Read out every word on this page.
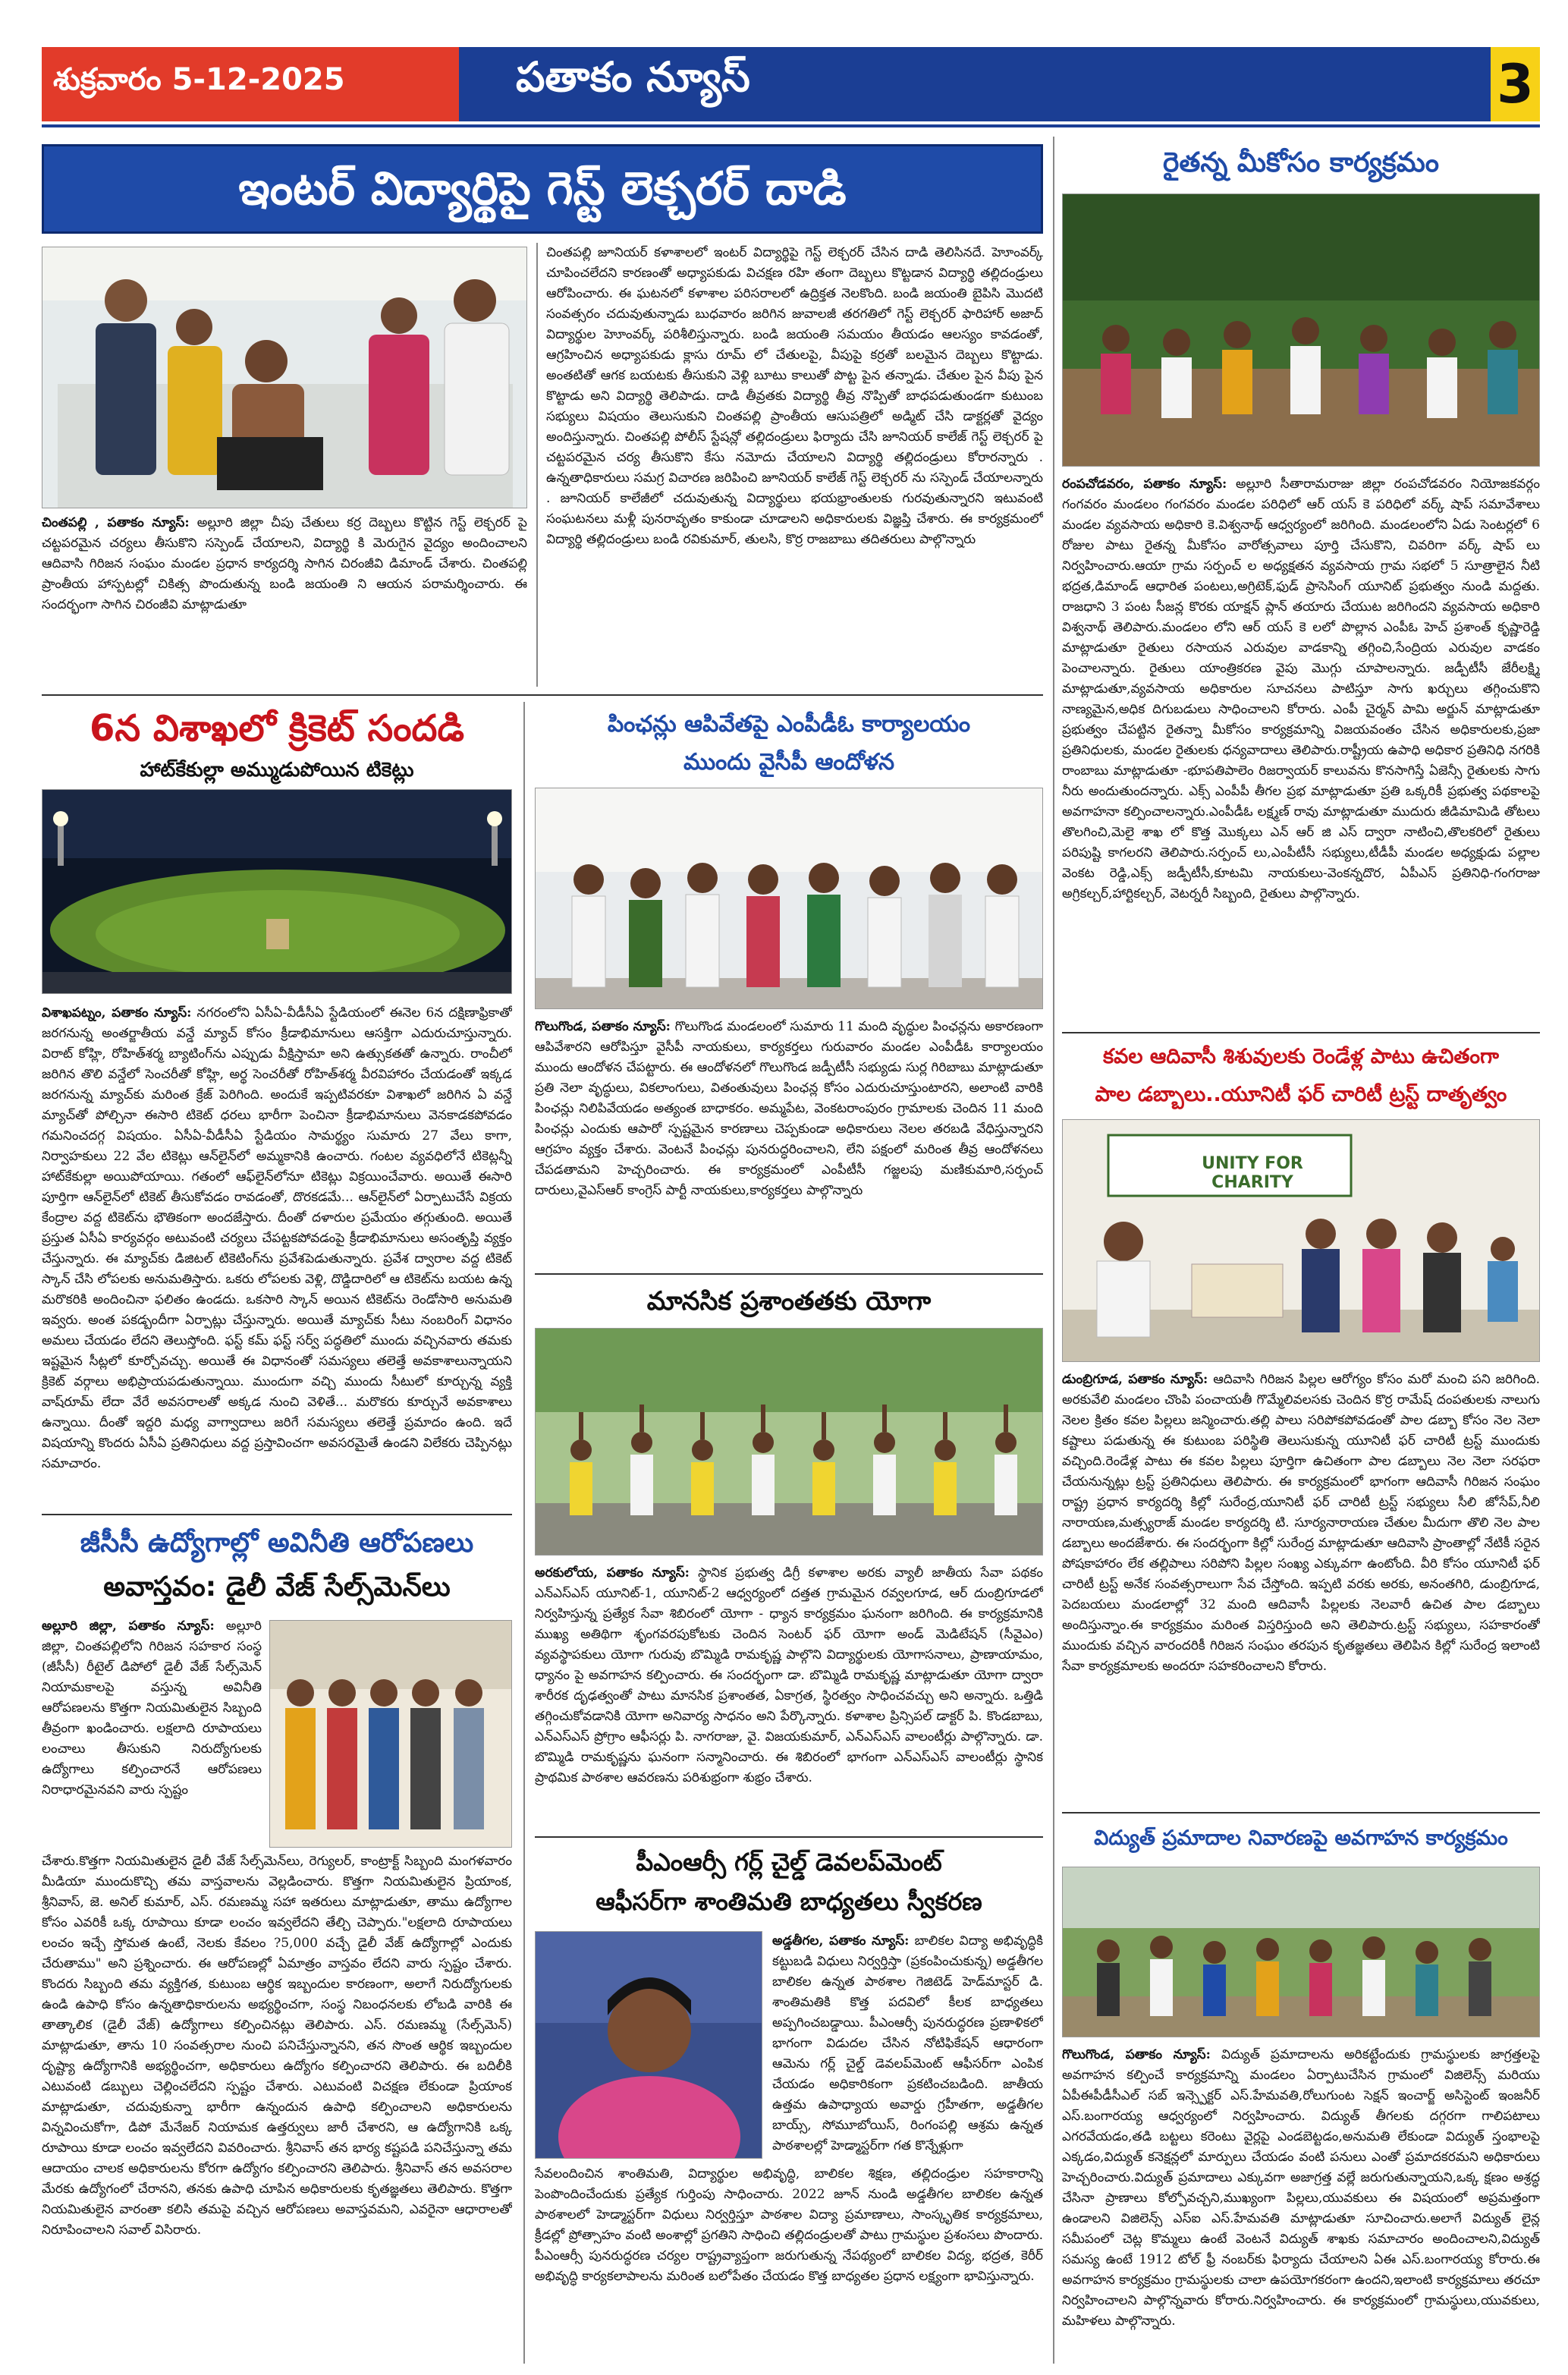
శుక్రవారం 5-12-2025	పతాకం న్యూస్	3
ఇంటర్ విద్యార్థిపై గెస్ట్ లెక్చరర్ దాడి
చింతపల్లి , పతాకం న్యూస్: అల్లూరి జిల్లా చీపు చేతులు కర్ర దెబ్బలు కొట్టిన గెస్ట్ లెక్చరర్ పై చట్టపరమైన చర్యలు తీసుకొని సస్పెండ్ చేయాలని, విద్యార్థి కి మెరుగైన వైద్యం అందించాలని ఆదివాసి గిరిజన సంఘం మండల ప్రధాన కార్యదర్శి సాగిన చిరంజీవి డిమాండ్ చేశారు. చింతపల్లి ప్రాంతీయ హాస్పటల్లో చికిత్స పొందుతున్న బండి జయంతి ని ఆయన పరామర్శించారు. ఈ సందర్భంగా సాగిన చిరంజీవి మాట్లాడుతూ
చింతపల్లి జూనియర్ కళాశాలలో ఇంటర్ విద్యార్థిపై గెస్ట్ లెక్చరర్ చేసిన దాడి తెలిసినదే. హెూంవర్క్ చూపించలేదని కారణంతో అధ్యాపకుడు విచక్షణ రహి తంగా దెబ్బలు కొట్టడాన విద్యార్థి తల్లిదండ్రులు ఆరోపించారు. ఈ ఘటనలో కళాశాల పరిసరాలలో ఉద్రిక్తత నెలకొంది. బండి జయంతి బైపిసి మొదటి సంవత్సరం చదువుతున్నాడు బుధవారం జరిగిన జువాలజీ తరగతిలో గెస్ట్ లెక్చరర్ ఫారిహార్ అజాద్ విద్యార్థుల హెూంవర్క్ పరిశీలిస్తున్నారు. బండి జయంతి సమయం తీయడం ఆలస్యం కావడంతో, ఆగ్రహించిన అధ్యాపకుడు క్లాసు రూమ్ లో చేతులపై, వీపుపై కర్రతో బలమైన దెబ్బలు కొట్టాడు. అంతటితో ఆగక బయటకు తీసుకుని వెళ్లి బూటు కాలుతో పొట్ట పైన తన్నాడు. చేతుల పైన వీపు పైన కొట్టాడు అని విద్యార్థి తెలిపాడు. దాడి తీవ్రతకు విద్యార్థి తీవ్ర నొప్పితో బాధపడుతుండగా కుటుంబ సభ్యులు విషయం తెలుసుకుని చింతపల్లి ప్రాంతీయ ఆసుపత్రిలో అడ్మిట్ చేసి డాక్టర్లతో వైద్యం అందిస్తున్నారు. చింతపల్లి పోలీస్ స్టేషన్లో తల్లిదండ్రులు ఫిర్యాదు చేసి జూనియర్ కాలేజ్ గెస్ట్ లెక్చరర్ పై చట్టపరమైన చర్య తీసుకొని కేసు నమోదు చేయాలని విద్యార్థి తల్లిదండ్రులు కోరారన్నారు . ఉన్నతాధికారులు సమగ్ర విచారణ జరిపించి జూనియర్ కాలేజ్ గెస్ట్ లెక్చరర్ ను సస్పెండ్ చేయాలన్నారు . జూనియర్ కాలేజీలో చదువుతున్న విద్యార్థులు భయభ్రాంతులకు గురవుతున్నారని ఇటువంటి సంఘటనలు మళ్లీ పునరావృతం కాకుండా చూడాలని అధికారులకు విజ్ఞప్తి చేశారు. ఈ కార్యక్రమంలో విద్యార్థి తల్లిదండ్రులు బండి రవికుమార్, తులసి, కొర్ర రాజబాబు తదితరులు పాల్గొన్నారు
6న విశాఖలో క్రికెట్ సందడి
హాట్‌కేకుల్లా అమ్ముడుపోయిన టికెట్లు
విశాఖపట్నం, పతాకం న్యూస్: నగరంలోని ఏసీఏ-వీడీసీఏ స్టేడియంలో ఈనెల 6న దక్షిణాఫ్రికాతో జరగనున్న అంతర్జాతీయ వన్డే మ్యాచ్ కోసం క్రీడాభిమానులు ఆసక్తిగా ఎదురుచూస్తున్నారు. విరాట్ కోహ్లి, రోహిత్‌శర్మ బ్యాటింగ్‌ను ఎప్పుడు వీక్షిస్తామా అని ఉత్సుకతతో ఉన్నారు. రాంచీలో జరిగిన తొలి వన్డేలో సెంచరీతో కోహ్లి, అర్థ సెంచరీతో రోహిత్‌శర్మ వీరవిహారం చేయడంతో ఇక్కడ జరగనున్న మ్యాచ్‌కు మరింత క్రేజ్ పెరిగింది. అందుకే ఇప్పటివరకూ విశాఖలో జరిగిన ఏ వన్డే మ్యాచ్‌తో పోల్చినా ఈసారి టికెట్ ధరలు భారీగా పెంచినా క్రీడాభిమానులు వెనకాడకపోవడం గమనించదగ్గ విషయం. ఏసీఏ-వీడీసీఏ స్టేడియం సామర్థ్యం సుమారు 27 వేలు కాగా, నిర్వాహకులు 22 వేల టికెట్లు ఆన్‌లైన్‌లో అమ్మకానికి ఉంచారు. గంటల వ్యవధిలోనే టికెట్లన్నీ హాట్‌కేకుల్లా అయిపోయాయి. గతంలో ఆఫ్‌లైన్‌లోనూ టికెట్లు విక్రయించేవారు. అయితే ఈసారి పూర్తిగా ఆన్‌లైన్‌లో టికెట్ తీసుకోవడం రావడంతో, దొరకడమే... ఆన్‌లైన్‌లో ఏర్పాటుచేసే విక్రయ కేంద్రాల వద్ద టికెట్‌ను భౌతికంగా అందజేస్తారు. దీంతో దళారుల ప్రమేయం తగ్గుతుంది. అయితే ప్రస్తుత ఏసీఏ కార్యవర్గం అటువంటి చర్యలు చేపట్టకపోవడంపై క్రీడాభిమానులు అసంతృప్తి వ్యక్తం చేస్తున్నారు. ఈ మ్యాచ్‌కు డిజిటల్ టికెటింగ్‌ను ప్రవేశపెడుతున్నారు. ప్రవేశ ద్వారాల వద్ద టికెట్ స్కాన్ చేసి లోపలకు అనుమతిస్తారు. ఒకరు లోపలకు వెళ్లి, దొడ్డిదారిలో ఆ టికెట్‌ను బయట ఉన్న మరొకరికి అందించినా ఫలితం ఉండదు. ఒకసారి స్కాన్ అయిన టికెట్‌ను రెండోసారి అనుమతి ఇవ్వరు. అంత పకడ్బందీగా ఏర్పాట్లు చేస్తున్నారు. అయితే మ్యాచ్‌కు సీటు నంబరింగ్ విధానం అమలు చేయడం లేదని తెలుస్తోంది. ఫస్ట్ కమ్ ఫస్ట్ సర్వ్ పద్ధతిలో ముందు వచ్చినవారు తమకు ఇష్టమైన సీట్లలో కూర్చోవచ్చు. అయితే ఈ విధానంతో సమస్యలు తలెత్తే అవకాశాలున్నాయని క్రికెట్ వర్గాలు అభిప్రాయపడుతున్నాయి. ముందుగా వచ్చి ముందు సీటులో కూర్చున్న వ్యక్తి వాష్‌రూమ్ లేదా వేరే అవసరాలతో అక్కడ నుంచి వెళితే... మరొకరు కూర్చునే అవకాశాలు ఉన్నాయి. దీంతో ఇద్దరి మధ్య వాగ్వాదాలు జరిగే సమస్యలు తలెత్తే ప్రమాదం ఉంది. ఇదే విషయాన్ని కొందరు ఏసీఏ ప్రతినిధులు వద్ద ప్రస్తావించగా అవసరమైతే ఉండని విలేకరు చెప్పినట్లు సమాచారం.
జీసీసీ ఉద్యోగాల్లో అవినీతి ఆరోపణలు
అవాస్తవం: డైలీ వేజ్ సేల్స్‌మెన్‌లు
అల్లూరి జిల్లా, పతాకం న్యూస్: అల్లూరి జిల్లా, చింతపల్లిలోని గిరిజన సహకార సంస్థ (జీసీసీ) రీటైల్ డిపోలో డైలీ వేజ్ సేల్స్‌మెన్ నియామకాలపై వస్తున్న అవినీతి ఆరోపణలను కొత్తగా నియమితులైన సిబ్బంది తీవ్రంగా ఖండించారు. లక్షలాది రూపాయలు లంచాలు తీసుకుని నిరుద్యోగులకు ఉద్యోగాలు కల్పించారనే ఆరోపణలు నిరాధారమైనవని వారు స్పష్టం
చేశారు.కొత్తగా నియమితులైన డైలీ వేజ్ సేల్స్‌మెన్‌లు, రెగ్యులర్, కాంట్రాక్ట్ సిబ్బంది మంగళవారం మీడియా ముందుకొచ్చి తమ వాస్తవాలను వెల్లడించారు. కొత్తగా నియమితులైన ప్రియాంక, శ్రీనివాస్, జె. అనిల్ కుమార్, ఎస్. రమణమ్మ సహా ఇతరులు మాట్లాడుతూ, తాము ఉద్యోగాల కోసం ఎవరికీ ఒక్క రూపాయి కూడా లంచం ఇవ్వలేదని తేల్చి చెప్పారు."లక్షలాది రూపాయలు లంచం ఇచ్చే స్తోమత ఉంటే, నెలకు కేవలం ?5,000 వచ్చే డైలీ వేజ్ ఉద్యోగాల్లో ఎందుకు చేరుతాము" అని ప్రశ్నించారు. ఈ ఆరోపణల్లో ఏమాత్రం వాస్తవం లేదని వారు స్పష్టం చేశారు. కొందరు సిబ్బంది తమ వ్యక్తిగత, కుటుంబ ఆర్థిక ఇబ్బందుల కారణంగా, అలాగే నిరుద్యోగులకు ఉండి ఉపాధి కోసం ఉన్నతాధికారులను అభ్యర్థించగా, సంస్థ నిబంధనలకు లోబడి వారికి ఈ తాత్కాలిక (డైలీ వేజ్) ఉద్యోగాలు కల్పించినట్లు తెలిపారు. ఎస్. రమణమ్మ (సేల్స్‌మెన్) మాట్లాడుతూ, తాను 10 సంవత్సరాల నుంచి పనిచేస్తున్నానని, తన సొంత ఆర్థిక ఇబ్బందుల దృష్ట్యా ఉద్యోగానికి అభ్యర్థించగా, అధికారులు ఉద్యోగం కల్పించారని తెలిపారు. ఈ బదిలీకి ఎటువంటి డబ్బులు చెల్లించలేదని స్పష్టం చేశారు. ఎటువంటి విచక్షణ లేకుండా ప్రియాంక మాట్లాడుతూ, చదువుకున్నా భారీగా ఉన్నందున ఉపాధి కల్పించాలని అధికారులను విన్నవించుకోగా, డిపో మేనేజర్ నియామక ఉత్తర్వులు జారీ చేశారని, ఆ ఉద్యోగానికి ఒక్క రూపాయి కూడా లంచం ఇవ్వలేదని వివరించారు. శ్రీనివాస్ తన భార్య కష్టపడి పనిచేస్తున్నా తమ ఆదాయం చాలక అధికారులను కోరగా ఉద్యోగం కల్పించారని తెలిపారు. శ్రీనివాస్ తన అవసరాల మేరకు ఉద్యోగంలో చేరానని, తనకు ఉపాధి చూపిన అధికారులకు కృతజ్ఞతలు తెలిపారు. కొత్తగా నియమితులైన వారంతా కలిసి తమపై వచ్చిన ఆరోపణలు అవాస్తవమని, ఎవరైనా ఆధారాలతో నిరూపించాలని సవాల్ విసిరారు.
పింఛన్లు ఆపివేతపై ఎంపీడీఓ కార్యాలయం
ముందు వైసీపీ ఆందోళన
గొలుగొండ, పతాకం న్యూస్: గొలుగొండ మండలంలో సుమారు 11 మంది వృద్ధుల పింఛన్లను అకారణంగా ఆపివేశారని ఆరోపిస్తూ వైసీపీ నాయకులు, కార్యకర్తలు గురువారం మండల ఎంపీడీఓ కార్యాలయం ముందు ఆందోళన చేపట్టారు. ఈ ఆందోళనలో గొలుగొండ జడ్పీటీసీ సభ్యుడు సుర్ల గిరిబాబు మాట్లాడుతూ ప్రతి నెలా వృద్ధులు, వికలాంగులు, వితంతువులు పింఛన్ల కోసం ఎదురుచూస్తుంటారని, అలాంటి వారికి పింఛన్లు నిలిపివేయడం అత్యంత బాధాకరం. అమ్మపేట, వెంకటరాంపురం గ్రామాలకు చెందిన 11 మంది పింఛన్లు ఎందుకు ఆపారో స్పష్టమైన కారణాలు చెప్పకుండా అధికారులు నెలల తరబడి వేధిస్తున్నారని ఆగ్రహం వ్యక్తం చేశారు. వెంటనే పింఛన్లు పునరుద్ధరించాలని, లేని పక్షంలో మరింత తీవ్ర ఆందోళనలు చేపడతామని హెచ్చరించారు. ఈ కార్యక్రమంలో ఎంపీటీసీ గజ్జలపు మణికుమారి,సర్పంచ్ దారులు,వైఎస్ఆర్ కాంగ్రెస్ పార్టీ నాయకులు,కార్యకర్తలు పాల్గొన్నారు
మానసిక ప్రశాంతతకు యోగా
అరకులోయ, పతాకం న్యూస్: స్థానిక ప్రభుత్వ డిగ్రీ కళాశాల అరకు వ్యాలీ జాతీయ సేవా పథకం ఎన్ఎస్ఎస్ యూనిట్-1, యూనిట్-2 ఆధ్వర్యంలో దత్తత గ్రామమైన రవ్వలగూడ, ఆర్ దుంబ్రిగూడలో నిర్వహిస్తున్న ప్రత్యేక సేవా శిబిరంలో యోగా - ధ్యాన కార్యక్రమం ఘనంగా జరిగింది. ఈ కార్యక్రమానికి ముఖ్య అతిథిగా శృంగవరపుకోటకు చెందిన సెంటర్ ఫర్ యోగా అండ్ మెడిటేషన్ (సీవైఎం) వ్యవస్థాపకులు యోగా గురువు బొమ్మిడి రామకృష్ణ పాల్గొని విద్యార్థులకు యోగాసనాలు, ప్రాణాయామం, ధ్యానం పై అవగాహన కల్పించారు. ఈ సందర్భంగా డా. బొమ్మిడి రామకృష్ణ మాట్లాడుతూ యోగా ద్వారా శారీరక దృఢత్వంతో పాటు మానసిక ప్రశాంతత, ఏకాగ్రత, స్థిరత్వం సాధించవచ్చు అని అన్నారు. ఒత్తిడి తగ్గించుకోవడానికి యోగా అనివార్య సాధనం అని పేర్కొన్నారు. కళాశాల ప్రిన్సిపల్ డాక్టర్ పి. కొండబాబు, ఎన్ఎస్ఎస్ ప్రోగ్రాం ఆఫీసర్లు పి. నాగరాజు, వై. విజయకుమార్, ఎన్ఎస్ఎస్ వాలంటీర్లు పాల్గొన్నారు. డా. బొమ్మిడి రామకృష్ణను ఘనంగా సన్మానించారు. ఈ శిబిరంలో భాగంగా ఎన్ఎస్ఎస్ వాలంటీర్లు స్థానిక ప్రాథమిక పాఠశాల ఆవరణను పరిశుభ్రంగా శుభ్రం చేశారు.
పీఎంఆర్సీ గర్ల్ చైల్డ్ డెవలప్‌మెంట్
ఆఫీసర్‌గా శాంతిమతి బాధ్యతలు స్వీకరణ
అడ్డతీగల, పతాకం న్యూస్: బాలికల విద్యా అభివృద్ధికి కట్టుబడి విధులు నిర్వర్తిస్తా (ప్రకంపించుకున్న) అడ్డతీగల బాలికల ఉన్నత పాఠశాల గెజిటెడ్ హెడ్‌మాస్టర్ డి. శాంతిమతికి కొత్త పదవిలో కీలక బాధ్యతలు అప్పగించబడ్డాయి. పీఎంఆర్సీ పునరుద్ధరణ ప్రణాళికలో భాగంగా విడుదల చేసిన నోటిఫికేషన్ ఆధారంగా ఆమెను గర్ల్ చైల్డ్ డెవలప్‌మెంట్ ఆఫీసర్‌గా ఎంపిక చేయడం అధికారికంగా ప్రకటించబడింది. జాతీయ ఉత్తమ ఉపాధ్యాయ అవార్డు గ్రహీతగా, అడ్డతీగల బాయ్స్, సోమూబోయిస్, రింగంపల్లి ఆశ్రమ ఉన్నత పాఠశాలల్లో హెడ్మాస్టర్‌గా గత కొన్నేళ్లుగా
సేవలందించిన శాంతిమతి, విద్యార్థుల అభివృద్ధి, బాలికల శిక్షణ, తల్లిదండ్రుల సహకారాన్ని పెంపొందించేందుకు ప్రత్యేక గుర్తింపు సాధించారు. 2022 జూన్ నుండి అడ్డతీగల బాలికల ఉన్నత పాఠశాలలో హెడ్మాస్టర్‌గా విధులు నిర్వర్తిస్తూ పాఠశాల విద్యా ప్రమాణాలు, సాంస్కృతిక కార్యక్రమాలు, క్రీడల్లో ప్రోత్సాహం వంటి అంశాల్లో ప్రగతిని సాధించి తల్లిదండ్రులతో పాటు గ్రామస్థుల ప్రశంసలు పొందారు. పీఎంఆర్సీ పునరుద్ధరణ చర్యల రాష్ట్రవ్యాప్తంగా జరుగుతున్న నేపథ్యంలో బాలికల విద్య, భద్రత, కెరీర్ అభివృద్ధి కార్యకలాపాలను మరింత బలోపేతం చేయడం కొత్త బాధ్యతల ప్రధాన లక్ష్యంగా భావిస్తున్నారు.
రైతన్న మీకోసం కార్యక్రమం
రంపచోడవరం, పతాకం న్యూస్: అల్లూరి సీతారామరాజు జిల్లా రంపచోడవరం నియోజకవర్గం గంగవరం మండలం గంగవరం మండల పరిధిలో ఆర్ యస్ కె పరిధిలో వర్క్ షాప్ సమావేశాలు మండల వ్యవసాయ అధికారి కె.విశ్వనాథ్ ఆధ్వర్యంలో జరిగింది. మండలంలోని ఏడు సెంటర్లలో 6 రోజుల పాటు రైతన్న మీకోసం వారోత్సవాలు పూర్తి చేసుకొని, చివరిగా వర్క్ షాప్ లు నిర్వహించారు.ఆయా గ్రామ సర్పంచ్ ల అధ్యక్షతన వ్యవసాయ గ్రామ సభలో 5 సూత్రాలైన నీటి భద్రత,డిమాండ్ ఆధారిత పంటలు,అగ్రిటెక్,ఫుడ్ ప్రాసెసింగ్ యూనిట్ ప్రభుత్వం నుండి మద్దతు. రాజధాని 3 పంట సీజన్ల కొరకు యాక్షన్ ప్లాన్ తయారు చేయుట జరిగిందని వ్యవసాయ అధికారి విశ్వనాథ్ తెలిపారు.మండలం లోని ఆర్ యస్ కె లలో పొల్లాన ఎంపీఓ హెచ్ ప్రశాంత్ కృష్ణారెడ్డి మాట్లాడుతూ రైతులు రసాయన ఎరువుల వాడకాన్ని తగ్గించి,సేంద్రియ ఎరువుల వాడకం పెంచాలన్నారు. రైతులు యాంత్రికరణ వైపు మొగ్గు చూపాలన్నారు. జడ్పీటీసీ జేరీలక్ష్మి మాట్లాడుతూ,వ్యవసాయ అధికారుల సూచనలు పాటిస్తూ సాగు ఖర్చులు తగ్గించుకొని నాణ్యమైన,అధిక దిగుబడులు సాధించాలని కోరారు. ఎంపీ చైర్మన్ పామి అర్జున్ మాట్లాడుతూ ప్రభుత్వం చేపట్టిన రైతన్నా మీకోసం కార్యక్రమాన్ని విజయవంతం చేసిన అధికారులకు,ప్రజా ప్రతినిధులకు, మండల రైతులకు ధన్యవాదాలు తెలిపారు.రాష్ట్రీయ ఉపాధి అధికార ప్రతినిధి నగరికి రాంబాబు మాట్లాడుతూ -భూపతిపాలెం రిజర్వాయర్ కాలువను కొనసాగిస్తే ఏజెన్సీ రైతులకు సాగు నీరు అందుతుందన్నారు. ఎక్స్ ఎంపీపీ తీగల ప్రభ మాట్లాడుతూ ప్రతి ఒక్కరికీ ప్రభుత్వ పథకాలపై అవగాహనా కల్పించాలన్నారు.ఎంపీడీఓ లక్ష్మణ్ రావు మాట్లాడుతూ ముదురు జీడిమామిడి తోటలు తొలగించి,మెలై శాఖ లో కొత్త మొక్కలు ఎన్ ఆర్ జి ఎస్ ద్వారా నాటించి,తొలకరిలో రైతులు పరిపుష్టి కాగలరని తెలిపారు.సర్పంచ్ లు,ఎంపీటీసీ సభ్యులు,టీడీపీ మండల అధ్యక్షుడు పల్లాల వెంకట రెడ్డి,ఎక్స్ జడ్పీటీసీ,కూటమి నాయకులు-వెంకన్నదొర, ఏపీఎస్ ప్రతినిధి-గంగరాజు అగ్రికల్చర్,హార్టికల్చర్, వెటర్నరీ సిబ్బంది, రైతులు పాల్గొన్నారు.
కవల ఆదివాసీ శిశువులకు రెండేళ్ల పాటు ఉచితంగా
పాల డబ్బాలు..యూనిటీ ఫర్ చారిటీ ట్రస్ట్ దాతృత్వం
UNITY FOR CHARITY
డుంబ్రిగూడ, పతాకం న్యూస్: ఆదివాసి గిరిజన పిల్లల ఆరోగ్యం కోసం మరో మంచి పని జరిగింది. అరకువేలి మండలం చొంపి పంచాయతీ గొమ్మేలివలసకు చెందిన కొర్ర రామేష్ దంపతులకు నాలుగు నెలల క్రితం కవల పిల్లలు జన్మించారు.తల్లి పాలు సరిపోకపోవడంతో పాల డబ్బా కోసం నెల నెలా కష్టాలు పడుతున్న ఈ కుటుంబ పరిస్థితి తెలుసుకున్న యూనిటీ ఫర్ చారిటీ ట్రస్ట్ ముందుకు వచ్చింది.రెండేళ్ల పాటు ఈ కవల పిల్లలు పూర్తిగా ఉచితంగా పాల డబ్బాలు నెల నెలా సరఫరా చేయనున్నట్లు ట్రస్ట్ ప్రతినిధులు తెలిపారు. ఈ కార్యక్రమంలో భాగంగా ఆదివాసీ గిరిజన సంఘం రాష్ట్ర ప్రధాన కార్యదర్శి కిల్లో సురేంద్ర,యూనిటీ ఫర్ చారిటీ ట్రస్ట్ సభ్యులు సీలి జోసేప్,నీలి నారాయణ,మత్స్యరాజ్ మండల కార్యదర్శి టి. సూర్యనారాయణ చేతుల మీదుగా తొలి నెల పాల డబ్బాలు అందజేశారు. ఈ సందర్భంగా కిల్లో సురేంద్ర మాట్లాడుతూ ఆదివాసి ప్రాంతాల్లో నేటికీ సరైన పోషకాహారం లేక తల్లిపాలు సరిపోని పిల్లల సంఖ్య ఎక్కువగా ఉంటోంది. వీరి కోసం యూనిటీ ఫర్ చారిటీ ట్రస్ట్ అనేక సంవత్సరాలుగా సేవ చేస్తోంది. ఇప్పటి వరకు అరకు, అనంతగిరి, డుంబ్రిగూడ, పెదబయలు మండలాల్లో 32 మంది ఆదివాసీ పిల్లలకు నెలవారీ ఉచిత పాల డబ్బాలు అందిస్తున్నాం.ఈ కార్యక్రమం మరింత విస్తరిస్తుంది అని తెలిపారు.ట్రస్ట్ సభ్యులు, సహకారంతో ముందుకు వచ్చిన వారందరికీ గిరిజన సంఘం తరపున కృతజ్ఞతలు తెలిపిన కిల్లో సురేంద్ర ఇలాంటి సేవా కార్యక్రమాలకు అందరూ సహకరించాలని కోరారు.
విద్యుత్ ప్రమాదాల నివారణపై అవగాహన కార్యక్రమం
గొలుగొండ, పతాకం న్యూస్: విద్యుత్ ప్రమాదాలను అరికట్టేందుకు గ్రామస్థులకు జాగ్రత్తలపై అవగాహన కల్పించే కార్యక్రమాన్ని మండలం ఏర్పాటుచేసిన గ్రామంలో విజిలెన్స్ మరియు ఏపీఈపీడీసీఎల్ సబ్ ఇన్స్పెక్టర్ ఎస్.హేమవతి,రోలుగుంట సెక్షన్ ఇంచార్జ్ అసిస్టెంట్ ఇంజనీర్ ఎస్.బంగారయ్య ఆధ్వర్యంలో నిర్వహించారు. విద్యుత్ తీగలకు దగ్గరగా గాలిపటాలు ఎగరవేయడం,తడి బట్టలు కరెంటు వైర్లపై ఎండబెట్టడం,అనుమతి లేకుండా విద్యుత్ స్తంభాలపై ఎక్కడం,విద్యుత్ కనెక్షన్లలో మార్పులు చేయడం వంటి పనులు ఎంతో ప్రమాదకరమని అధికారులు హెచ్చరించారు.విద్యుత్ ప్రమాదాలు ఎక్కువగా అజాగ్రత్త వల్లే జరుగుతున్నాయని,ఒక్క క్షణం అశ్రద్ధ చేసినా ప్రాణాలు కోల్పోవచ్చని,ముఖ్యంగా పిల్లలు,యువకులు ఈ విషయంలో అప్రమత్తంగా ఉండాలని విజిలెన్స్ ఎస్ఐ ఎస్.హేమవతి మాట్లాడుతూ సూచించారు.అలాగే విద్యుత్ లైన్ల సమీపంలో చెట్ల కొమ్మలు ఉంటే వెంటనే విద్యుత్ శాఖకు సమాచారం అందించాలని,విద్యుత్ సమస్య ఉంటే 1912 టోల్ ఫ్రీ నంబర్‌కు ఫిర్యాదు చేయాలని ఏఈ ఎస్.బంగారయ్య కోరారు.ఈ అవగాహన కార్యక్రమం గ్రామస్థులకు చాలా ఉపయోగకరంగా ఉందని,ఇలాంటి కార్యక్రమాలు తరచూ నిర్వహించాలని పాల్గొన్నవారు కోరారు.నిర్వహించారు. ఈ కార్యక్రమంలో గ్రామస్థులు,యువకులు, మహిళలు పాల్గొన్నారు.
